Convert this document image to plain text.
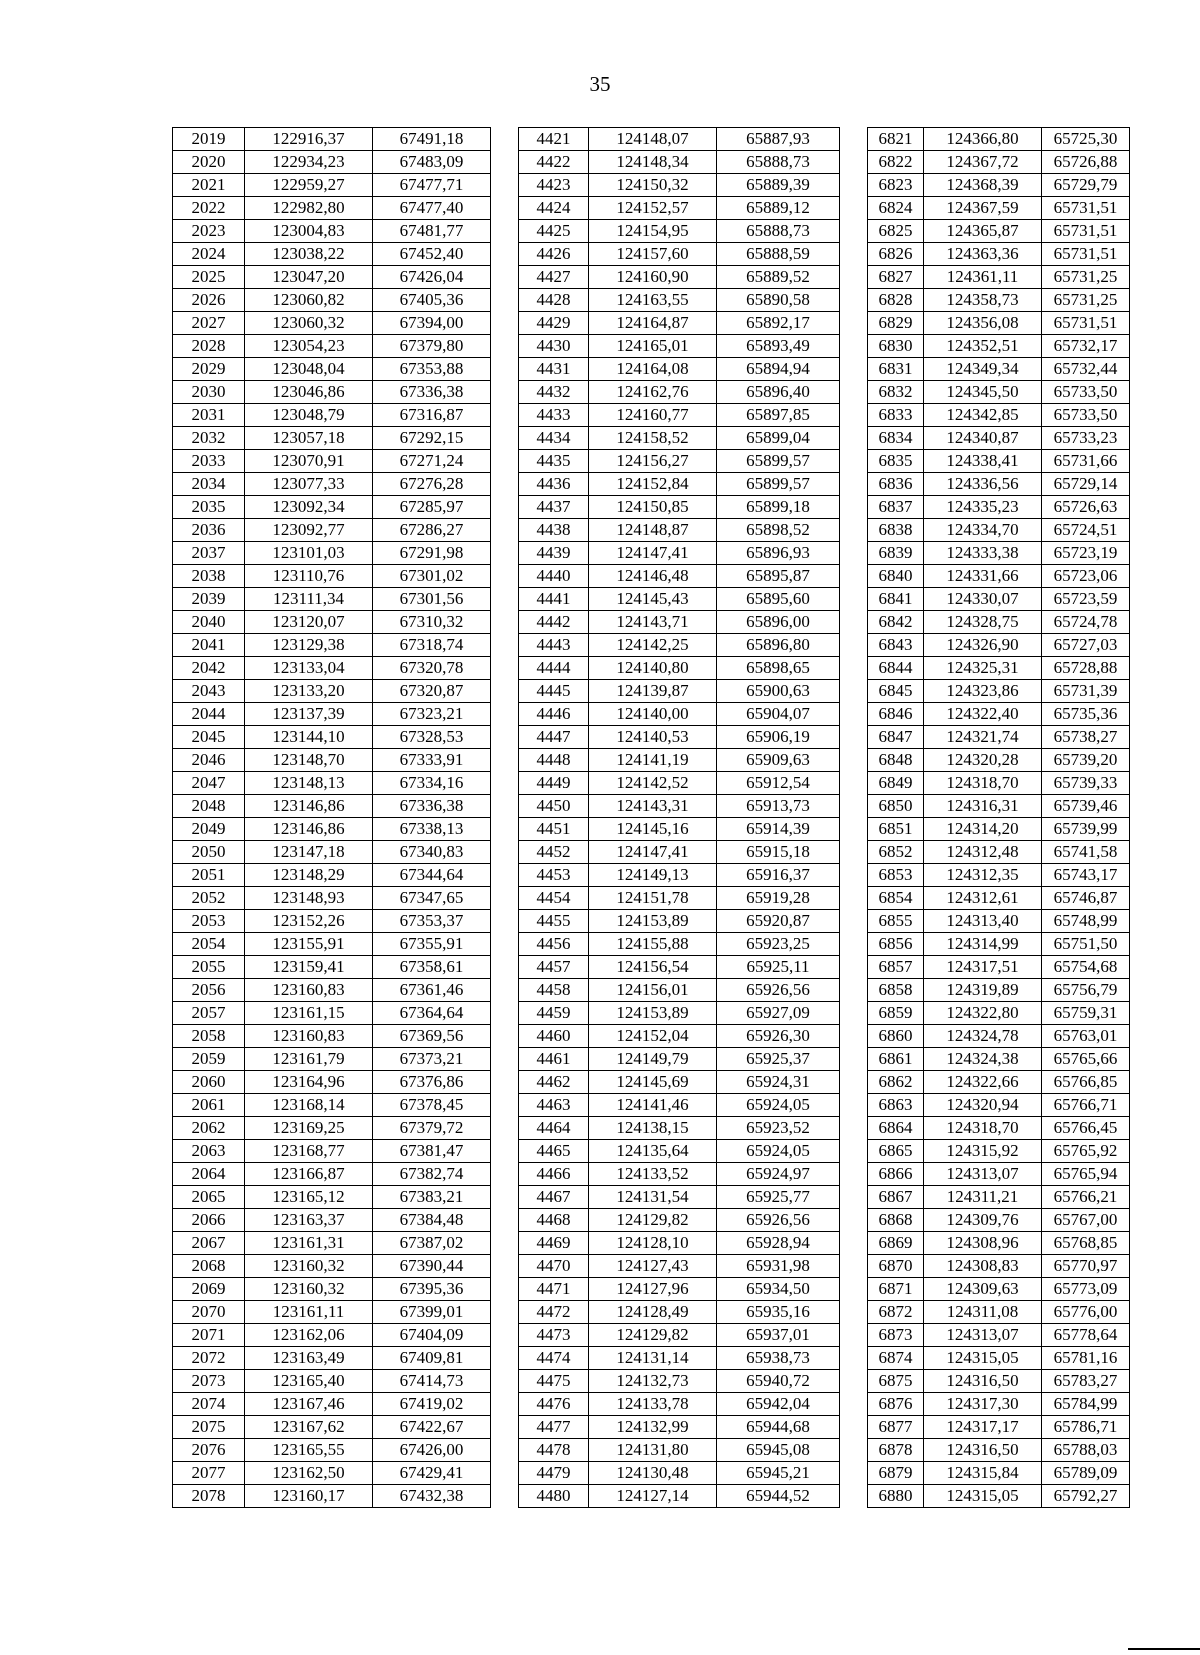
35
2019	122916,37	67491,18		4421	124148,07	65887,93		6821	124366,80	65725,30
2020	122934,23	67483,09		4422	124148,34	65888,73		6822	124367,72	65726,88
2021	122959,27	67477,71		4423	124150,32	65889,39		6823	124368,39	65729,79
2022	122982,80	67477,40		4424	124152,57	65889,12		6824	124367,59	65731,51
2023	123004,83	67481,77		4425	124154,95	65888,73		6825	124365,87	65731,51
2024	123038,22	67452,40		4426	124157,60	65888,59		6826	124363,36	65731,51
2025	123047,20	67426,04		4427	124160,90	65889,52		6827	124361,11	65731,25
2026	123060,82	67405,36		4428	124163,55	65890,58		6828	124358,73	65731,25
2027	123060,32	67394,00		4429	124164,87	65892,17		6829	124356,08	65731,51
2028	123054,23	67379,80		4430	124165,01	65893,49		6830	124352,51	65732,17
2029	123048,04	67353,88		4431	124164,08	65894,94		6831	124349,34	65732,44
2030	123046,86	67336,38		4432	124162,76	65896,40		6832	124345,50	65733,50
2031	123048,79	67316,87		4433	124160,77	65897,85		6833	124342,85	65733,50
2032	123057,18	67292,15		4434	124158,52	65899,04		6834	124340,87	65733,23
2033	123070,91	67271,24		4435	124156,27	65899,57		6835	124338,41	65731,66
2034	123077,33	67276,28		4436	124152,84	65899,57		6836	124336,56	65729,14
2035	123092,34	67285,97		4437	124150,85	65899,18		6837	124335,23	65726,63
2036	123092,77	67286,27		4438	124148,87	65898,52		6838	124334,70	65724,51
2037	123101,03	67291,98		4439	124147,41	65896,93		6839	124333,38	65723,19
2038	123110,76	67301,02		4440	124146,48	65895,87		6840	124331,66	65723,06
2039	123111,34	67301,56		4441	124145,43	65895,60		6841	124330,07	65723,59
2040	123120,07	67310,32		4442	124143,71	65896,00		6842	124328,75	65724,78
2041	123129,38	67318,74		4443	124142,25	65896,80		6843	124326,90	65727,03
2042	123133,04	67320,78		4444	124140,80	65898,65		6844	124325,31	65728,88
2043	123133,20	67320,87		4445	124139,87	65900,63		6845	124323,86	65731,39
2044	123137,39	67323,21		4446	124140,00	65904,07		6846	124322,40	65735,36
2045	123144,10	67328,53		4447	124140,53	65906,19		6847	124321,74	65738,27
2046	123148,70	67333,91		4448	124141,19	65909,63		6848	124320,28	65739,20
2047	123148,13	67334,16		4449	124142,52	65912,54		6849	124318,70	65739,33
2048	123146,86	67336,38		4450	124143,31	65913,73		6850	124316,31	65739,46
2049	123146,86	67338,13		4451	124145,16	65914,39		6851	124314,20	65739,99
2050	123147,18	67340,83		4452	124147,41	65915,18		6852	124312,48	65741,58
2051	123148,29	67344,64		4453	124149,13	65916,37		6853	124312,35	65743,17
2052	123148,93	67347,65		4454	124151,78	65919,28		6854	124312,61	65746,87
2053	123152,26	67353,37		4455	124153,89	65920,87		6855	124313,40	65748,99
2054	123155,91	67355,91		4456	124155,88	65923,25		6856	124314,99	65751,50
2055	123159,41	67358,61		4457	124156,54	65925,11		6857	124317,51	65754,68
2056	123160,83	67361,46		4458	124156,01	65926,56		6858	124319,89	65756,79
2057	123161,15	67364,64		4459	124153,89	65927,09		6859	124322,80	65759,31
2058	123160,83	67369,56		4460	124152,04	65926,30		6860	124324,78	65763,01
2059	123161,79	67373,21		4461	124149,79	65925,37		6861	124324,38	65765,66
2060	123164,96	67376,86		4462	124145,69	65924,31		6862	124322,66	65766,85
2061	123168,14	67378,45		4463	124141,46	65924,05		6863	124320,94	65766,71
2062	123169,25	67379,72		4464	124138,15	65923,52		6864	124318,70	65766,45
2063	123168,77	67381,47		4465	124135,64	65924,05		6865	124315,92	65765,92
2064	123166,87	67382,74		4466	124133,52	65924,97		6866	124313,07	65765,94
2065	123165,12	67383,21		4467	124131,54	65925,77		6867	124311,21	65766,21
2066	123163,37	67384,48		4468	124129,82	65926,56		6868	124309,76	65767,00
2067	123161,31	67387,02		4469	124128,10	65928,94		6869	124308,96	65768,85
2068	123160,32	67390,44		4470	124127,43	65931,98		6870	124308,83	65770,97
2069	123160,32	67395,36		4471	124127,96	65934,50		6871	124309,63	65773,09
2070	123161,11	67399,01		4472	124128,49	65935,16		6872	124311,08	65776,00
2071	123162,06	67404,09		4473	124129,82	65937,01		6873	124313,07	65778,64
2072	123163,49	67409,81		4474	124131,14	65938,73		6874	124315,05	65781,16
2073	123165,40	67414,73		4475	124132,73	65940,72		6875	124316,50	65783,27
2074	123167,46	67419,02		4476	124133,78	65942,04		6876	124317,30	65784,99
2075	123167,62	67422,67		4477	124132,99	65944,68		6877	124317,17	65786,71
2076	123165,55	67426,00		4478	124131,80	65945,08		6878	124316,50	65788,03
2077	123162,50	67429,41		4479	124130,48	65945,21		6879	124315,84	65789,09
2078	123160,17	67432,38		4480	124127,14	65944,52		6880	124315,05	65792,27
